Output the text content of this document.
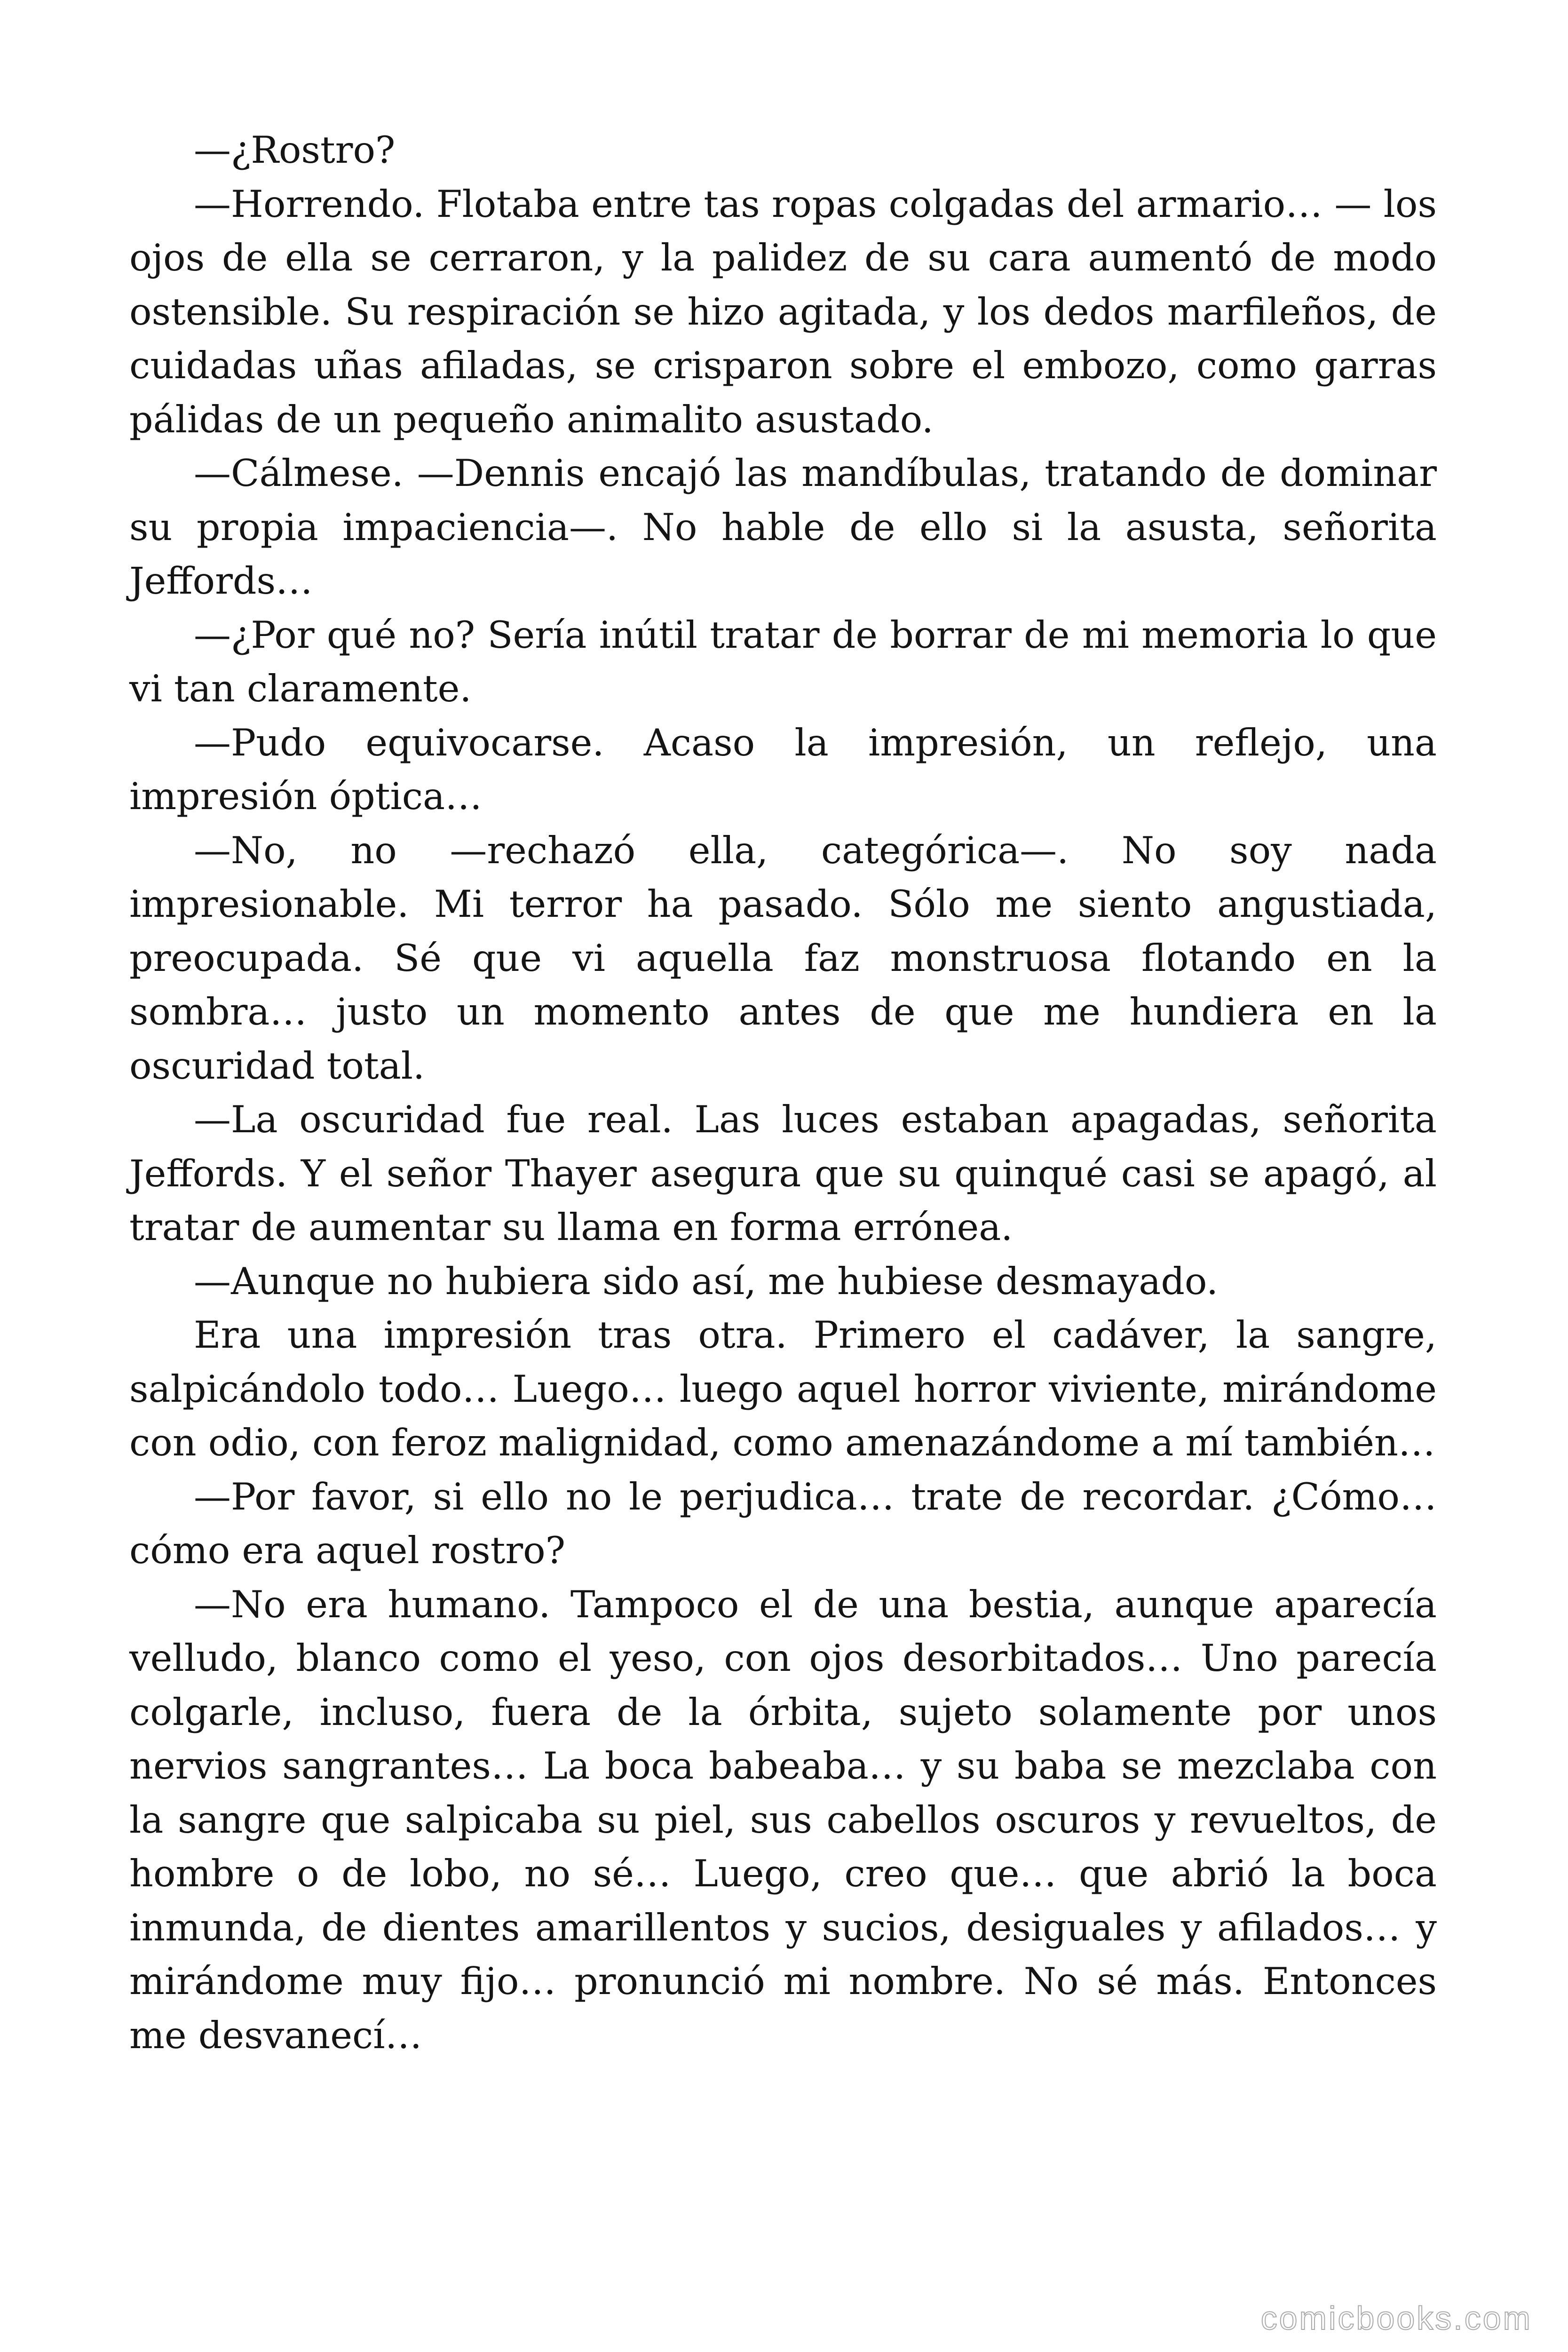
—¿Rostro?

—Horrendo. Flotaba entre tas ropas colgadas del armario… — los ojos de ella se cerraron, y la palidez de su cara aumentó de modo ostensible. Su respiración se hizo agitada, y los dedos marfileños, de cuidadas uñas afiladas, se crisparon sobre el embozo, como garras pálidas de un pequeño animalito asustado.

—Cálmese. —Dennis encajó las mandíbulas, tratando de dominar su propia impaciencia—. No hable de ello si la asusta, señorita Jeffords…

—¿Por qué no? Sería inútil tratar de borrar de mi memoria lo que vi tan claramente.

—Pudo equivocarse. Acaso la impresión, un reflejo, una impresión óptica…

—No, no —rechazó ella, categórica—. No soy nada impresionable. Mi terror ha pasado. Sólo me siento angustiada, preocupada. Sé que vi aquella faz monstruosa flotando en la sombra… justo un momento antes de que me hundiera en la oscuridad total.

—La oscuridad fue real. Las luces estaban apagadas, señorita Jeffords. Y el señor Thayer asegura que su quinqué casi se apagó, al tratar de aumentar su llama en forma errónea.

—Aunque no hubiera sido así, me hubiese desmayado.

Era una impresión tras otra. Primero el cadáver, la sangre, salpicándolo todo… Luego… luego aquel horror viviente, mirándome con odio, con feroz malignidad, como amenazándome a mí también…

—Por favor, si ello no le perjudica… trate de recordar. ¿Cómo… cómo era aquel rostro?

—No era humano. Tampoco el de una bestia, aunque aparecía velludo, blanco como el yeso, con ojos desorbitados… Uno parecía colgarle, incluso, fuera de la órbita, sujeto solamente por unos nervios sangrantes… La boca babeaba… y su baba se mezclaba con la sangre que salpicaba su piel, sus cabellos oscuros y revueltos, de hombre o de lobo, no sé… Luego, creo que… que abrió la boca inmunda, de dientes amarillentos y sucios, desiguales y afilados… y mirándome muy fijo… pronunció mi nombre. No sé más. Entonces me desvanecí…

comicbooks.com
